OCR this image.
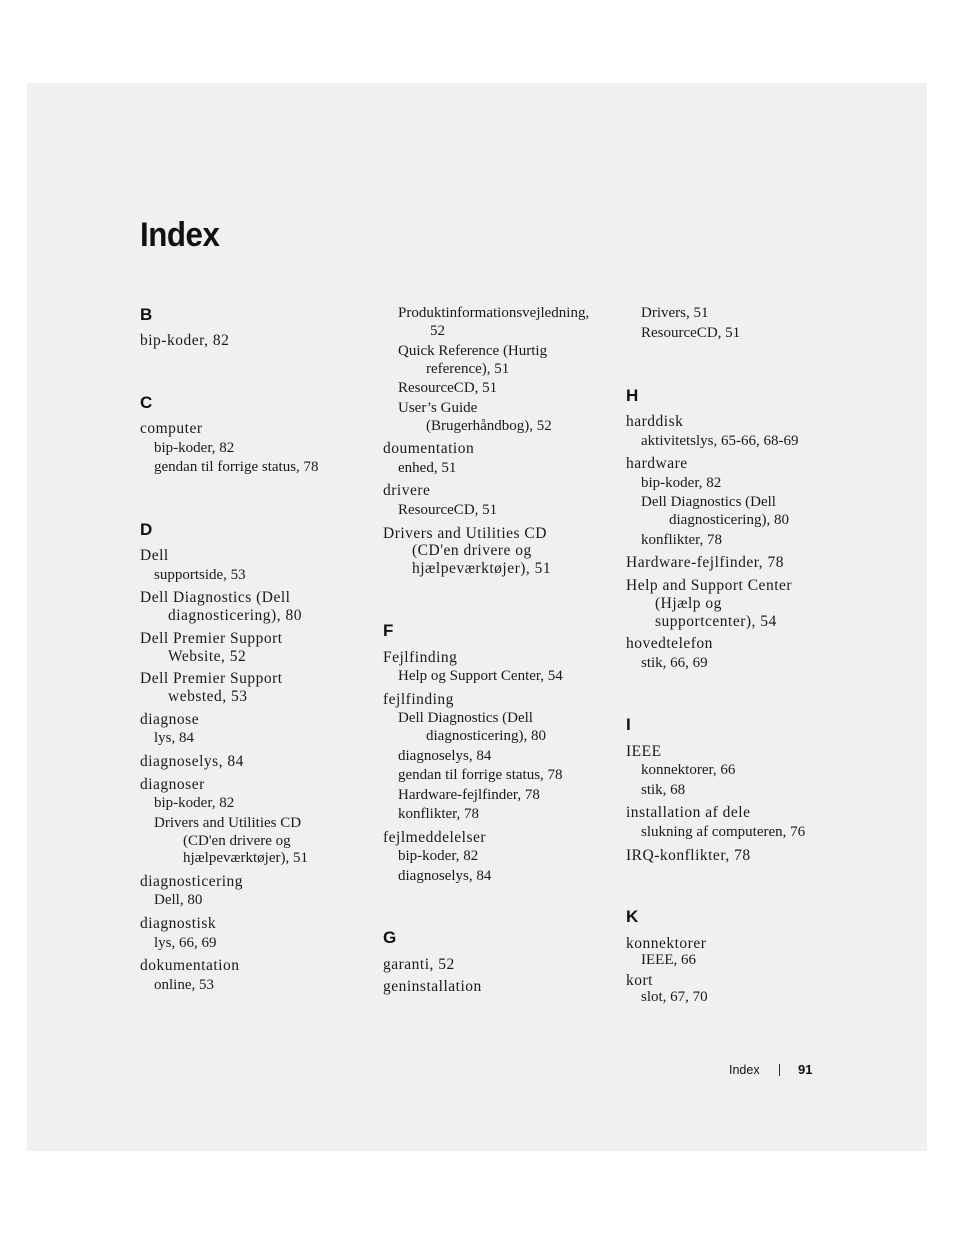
Index
B
bip-koder, 82
C
computer
bip-koder, 82
gendan til forrige status, 78
D
Dell
supportside, 53
Dell Diagnostics (Dell
diagnosticering), 80
Dell Premier Support
Website, 52
Dell Premier Support
websted, 53
diagnose
lys, 84
diagnoselys, 84
diagnoser
bip-koder, 82
Drivers and Utilities CD
(CD'en drivere og
hjælpeværktøjer), 51
diagnosticering
Dell, 80
diagnostisk
lys, 66, 69
dokumentation
online, 53
Produktinformationsvejledning,
52
Quick Reference (Hurtig
reference), 51
ResourceCD, 51
User’s Guide
(Brugerhåndbog), 52
doumentation
enhed, 51
drivere
ResourceCD, 51
Drivers and Utilities CD
(CD'en drivere og
hjælpeværktøjer), 51
F
Fejlfinding
Help og Support Center, 54
fejlfinding
Dell Diagnostics (Dell
diagnosticering), 80
diagnoselys, 84
gendan til forrige status, 78
Hardware-fejlfinder, 78
konflikter, 78
fejlmeddelelser
bip-koder, 82
diagnoselys, 84
G
garanti, 52
geninstallation
Drivers, 51
ResourceCD, 51
H
harddisk
aktivitetslys, 65-66, 68-69
hardware
bip-koder, 82
Dell Diagnostics (Dell
diagnosticering), 80
konflikter, 78
Hardware-fejlfinder, 78
Help and Support Center
(Hjælp og
supportcenter), 54
hovedtelefon
stik, 66, 69
I
IEEE
konnektorer, 66
stik, 68
installation af dele
slukning af computeren, 76
IRQ-konflikter, 78
K
konnektorer
IEEE, 66
kort
slot, 67, 70
Index	91
